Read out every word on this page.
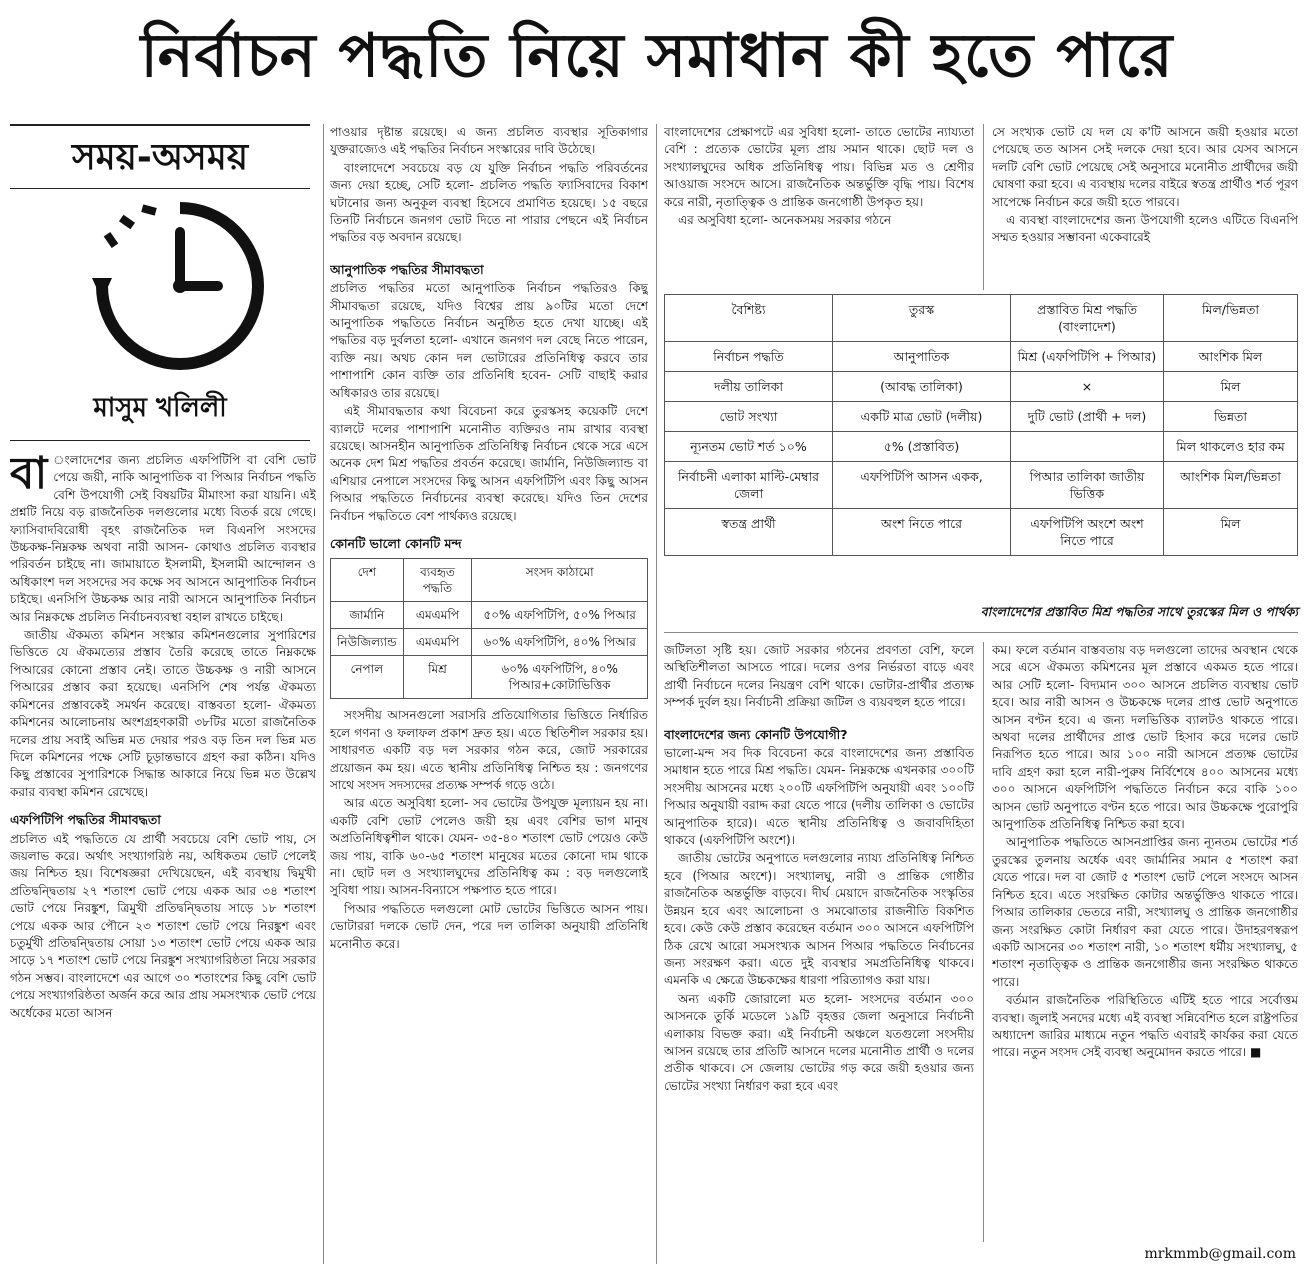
নির্বাচন পদ্ধতি নিয়ে সমাধান কী হতে পারে
সময়-অসময়
মাসুম খলিলী

বা ংলাদেশের জন্য প্রচলিত এফপিটিপি বা বেশি ভোট পেয়ে জয়ী, নাকি আনুপাতিক বা পিআর নির্বাচন পদ্ধতি বেশি উপযোগী সেই বিষয়টির মীমাংসা করা যায়নি। এই প্রশ্নটি নিয়ে বড় রাজনৈতিক দলগুলোর মধ্যে বিতর্ক রয়ে গেছে। ফ্যাসিবাদবিরোধী বৃহৎ রাজনৈতিক দল বিএনপি সংসদের উচ্চকক্ষ-নিম্নকক্ষ অথবা নারী আসন- কোথাও প্রচলিত ব্যবস্থার পরিবর্তন চাইছে না। জামায়াতে ইসলামী, ইসলামী আন্দোলন ও অধিকাংশ দল সংসদের সব কক্ষে সব আসনে আনুপাতিক নির্বাচন চাইছে। এনসিপি উচ্চকক্ষ আর নারী আসনে আনুপাতিক নির্বাচন আর নিম্নকক্ষে প্রচলিত নির্বাচনব্যবস্থা বহাল রাখতে চাইছে।

জাতীয় ঐকমত্য কমিশন সংস্কার কমিশনগুলোর সুপারিশের ভিত্তিতে যে ঐকমত্যের প্রস্তাব তৈরি করেছে তাতে নিম্নকক্ষে পিআরের কোনো প্রস্তাব নেই। তাতে উচ্চকক্ষ ও নারী আসনে পিআরের প্রস্তাব করা হয়েছে। এনসিপি শেষ পর্যন্ত ঐকমত্য কমিশনের প্রস্তাবকেই সমর্থন করেছে। বাস্তবতা হলো- ঐকমত্য কমিশনের আলোচনায় অংশগ্রহণকারী ৩৮টির মতো রাজনৈতিক দলের প্রায় সবাই অভিন্ন মত দেয়ার পরও বড় তিন দল ভিন্ন মত দিলে কমিশনের পক্ষে সেটি চূড়ান্তভাবে গ্রহণ করা কঠিন। যদিও কিছু প্রস্তাবের সুপারিশকে সিদ্ধান্ত আকারে নিয়ে ভিন্ন মত উল্লেখ করার ব্যবস্থা কমিশন রেখেছে।

এফপিটিপি পদ্ধতির সীমাবদ্ধতা

প্রচলিত এই পদ্ধতিতে যে প্রার্থী সবচেয়ে বেশি ভোট পায়, সে জয়লাভ করে। অর্থাৎ সংখ্যাগরিষ্ঠ নয়, অধিকতম ভোট পেলেই জয় নিশ্চিত হয়। বিশেষজ্ঞরা দেখিয়েছেন, এই ব্যবস্থায় দ্বিমুখী প্রতিদ্বন্দ্বিতায় ২৭ শতাংশ ভোট পেয়ে একক আর ৩৪ শতাংশ ভোট পেয়ে নিরঙ্কুশ, ত্রিমুখী প্রতিদ্বন্দ্বিতায় সাড়ে ১৮ শতাংশ পেয়ে একক আর পৌনে ২৩ শতাংশ ভোট পেয়ে নিরঙ্কুশ এবং চতুর্মুখী প্রতিদ্বন্দ্বিতায় সোয়া ১৩ শতাংশ ভোট পেয়ে একক আর সাড়ে ১৭ শতাংশ ভোট পেয়ে নিরঙ্কুশ সংখ্যাগরিষ্ঠতা নিয়ে সরকার গঠন সম্ভব। বাংলাদেশে এর আগে ৩০ শতাংশের কিছু বেশি ভোট পেয়ে সংখ্যাগরিষ্ঠতা অর্জন করে আর প্রায় সমসংখ্যক ভোট পেয়ে অর্ধেকের মতো আসন

পাওয়ার দৃষ্টান্ত রয়েছে। এ জন্য প্রচলিত ব্যবস্থার সূতিকাগার যুক্তরাজ্যেও এই পদ্ধতির নির্বাচন সংস্কারের দাবি উঠেছে।

বাংলাদেশে সবচেয়ে বড় যে যুক্তি নির্বাচন পদ্ধতি পরিবর্তনের জন্য দেয়া হচ্ছে, সেটি হলো- প্রচলিত পদ্ধতি ফ্যাসিবাদের বিকাশ ঘটানোর জন্য অনুকূল ব্যবস্থা হিসেবে প্রমাণিত হয়েছে। ১৫ বছরে তিনটি নির্বাচনে জনগণ ভোট দিতে না পারার পেছনে এই নির্বাচন পদ্ধতির বড় অবদান রয়েছে।

আনুপাতিক পদ্ধতির সীমাবদ্ধতা

প্রচলিত পদ্ধতির মতো আনুপাতিক নির্বাচন পদ্ধতিরও কিছু সীমাবদ্ধতা রয়েছে, যদিও বিশ্বের প্রায় ৯০টির মতো দেশে আনুপাতিক পদ্ধতিতে নির্বাচন অনুষ্ঠিত হতে দেখা যাচ্ছে। এই পদ্ধতির বড় দুর্বলতা হলো- এখানে জনগণ দল বেছে নিতে পারেন, ব্যক্তি নয়। অথচ কোন দল ভোটারের প্রতিনিধিত্ব করবে তার পাশাপাশি কোন ব্যক্তি তার প্রতিনিধি হবেন- সেটি বাছাই করার অধিকারও তার রয়েছে।

এই সীমাবদ্ধতার কথা বিবেচনা করে তুরস্কসহ কয়েকটি দেশে ব্যালটে দলের পাশাপাশি মনোনীত ব্যক্তিরও নাম রাখার ব্যবস্থা রয়েছে। আসনহীন আনুপাতিক প্রতিনিধিত্ব নির্বাচন থেকে সরে এসে অনেক দেশ মিশ্র পদ্ধতির প্রবর্তন করেছে। জার্মানি, নিউজিল্যান্ড বা এশিয়ার নেপালে সংসদের কিছু আসন এফপিটিপি এবং কিছু আসন পিআর পদ্ধতিতে নির্বাচনের ব্যবস্থা করেছে। যদিও তিন দেশের নির্বাচন পদ্ধতিতে বেশ পার্থক্যও রয়েছে।

কোনটি ভালো কোনটি মন্দ

দেশ	ব্যবহৃত পদ্ধতি	সংসদ কাঠামো
জার্মানি	এমএমপি	৫০% এফপিটিপি, ৫০% পিআর
নিউজিল্যান্ড	এমএমপি	৬০% এফপিটিপি, ৪০% পিআর
নেপাল	মিশ্র	৬০% এফপিটিপি, ৪০% পিআর+কোটাভিত্তিক

সংসদীয় আসনগুলো সরাসরি প্রতিযোগিতার ভিত্তিতে নির্ধারিত হলে গণনা ও ফলাফল প্রকাশ দ্রুত হয়। এতে স্থিতিশীল সরকার হয়। সাধারণত একটি বড় দল সরকার গঠন করে, জোট সরকারের প্রয়োজন কম হয়। এতে স্থানীয় প্রতিনিধিত্ব নিশ্চিত হয় : জনগণের সাথে সংসদ সদস্যদের প্রত্যক্ষ সম্পর্ক গড়ে ওঠে।

আর এতে অসুবিধা হলো- সব ভোটের উপযুক্ত মূল্যায়ন হয় না। একটি বেশি ভোট পেলেও জয়ী হয় এবং বেশির ভাগ মানুষ অপ্রতিনিধিত্বশীল থাকে। যেমন- ৩৫-৪০ শতাংশ ভোট পেয়েও কেউ জয় পায়, বাকি ৬০-৬৫ শতাংশ মানুষের মতের কোনো দাম থাকে না। ছোট দল ও সংখ্যালঘুদের প্রতিনিধিত্ব কম : বড় দলগুলোই সুবিধা পায়। আসন-বিন্যাসে পক্ষপাত হতে পারে।

পিআর পদ্ধতিতে দলগুলো মোট ভোটের ভিত্তিতে আসন পায়। ভোটাররা দলকে ভোট দেন, পরে দল তালিকা অনুযায়ী প্রতিনিধি মনোনীত করে।

বাংলাদেশের প্রেক্ষাপটে এর সুবিধা হলো- তাতে ভোটের ন্যায্যতা বেশি : প্রত্যেক ভোটের মূল্য প্রায় সমান থাকে। ছোট দল ও সংখ্যালঘুদের অধিক প্রতিনিধিত্ব পায়। বিভিন্ন মত ও শ্রেণীর আওয়াজ সংসদে আসে। রাজনৈতিক অন্তর্ভুক্তি বৃদ্ধি পায়। বিশেষ করে নারী, নৃতাত্ত্বিক ও প্রান্তিক জনগোষ্ঠী উপকৃত হয়।

এর অসুবিধা হলো- অনেকসময় সরকার গঠনে

সে সংখ্যক ভোট যে দল যে ক'টি আসনে জয়ী হওয়ার মতো পেয়েছে তত আসন সেই দলকে দেয়া হবে। আর যেসব আসনে দলটি বেশি ভোট পেয়েছে সেই অনুসারে মনোনীত প্রার্থীদের জয়ী ঘোষণা করা হবে। এ ব্যবস্থায় দলের বাইরে স্বতন্ত্র প্রার্থীও শর্ত পূরণ সাপেক্ষে নির্বাচন করে জয়ী হতে পারবে।

এ ব্যবস্থা বাংলাদেশের জন্য উপযোগী হলেও এটিতে বিএনপি সম্মত হওয়ার সম্ভাবনা একেবারেই

বৈশিষ্ট্য	তুরস্ক	প্রস্তাবিত মিশ্র পদ্ধতি (বাংলাদেশ)	মিল/ভিন্নতা
নির্বাচন পদ্ধতি	আনুপাতিক	মিশ্র (এফপিটিপি + পিআর)	আংশিক মিল
দলীয় তালিকা	(আবদ্ধ তালিকা)	×	মিল
ভোট সংখ্যা	একটি মাত্র ভোট (দলীয়)	দুটি ভোট (প্রার্থী + দল)	ভিন্নতা
ন্যূনতম ভোট শর্ত ১০%	৫% (প্রস্তাবিত)		মিল থাকলেও হার কম
নির্বাচনী এলাকা মাল্টি-মেম্বার জেলা	এফপিটিপি আসন একক,	পিআর তালিকা জাতীয় ভিত্তিক	আংশিক মিল/ভিন্নতা
স্বতন্ত্র প্রার্থী	অংশ নিতে পারে	এফপিটিপি অংশে অংশ নিতে পারে	মিল
বাংলাদেশের প্রস্তাবিত মিশ্র পদ্ধতির সাথে তুরস্কের মিল ও পার্থক্য

জটিলতা সৃষ্টি হয়। জোট সরকার গঠনের প্রবণতা বেশি, ফলে অস্থিতিশীলতা আসতে পারে। দলের ওপর নির্ভরতা বাড়ে এবং প্রার্থী নির্বাচনে দলের নিয়ন্ত্রণ বেশি থাকে। ভোটার-প্রার্থীর প্রত্যক্ষ সম্পর্ক দুর্বল হয়। নির্বাচনী প্রক্রিয়া জটিল ও ব্যয়বহুল হতে পারে।

বাংলাদেশের জন্য কোনটি উপযোগী?

ভালো-মন্দ সব দিক বিবেচনা করে বাংলাদেশের জন্য প্রস্তাবিত সমাধান হতে পারে মিশ্র পদ্ধতি। যেমন- নিম্নকক্ষে এখনকার ৩০০টি সংসদীয় আসনের মধ্যে ২০০টি এফপিটিপি অনুযায়ী এবং ১০০টি পিআর অনুযায়ী বরাদ্দ করা যেতে পারে (দলীয় তালিকা ও ভোটের আনুপাতিক হারে)। এতে স্থানীয় প্রতিনিধিত্ব ও জবাবদিহিতা থাকবে (এফপিটিপি অংশে)।

জাতীয় ভোটের অনুপাতে দলগুলোর ন্যায্য প্রতিনিধিত্ব নিশ্চিত হবে (পিআর অংশে)। সংখ্যালঘু, নারী ও প্রান্তিক গোষ্ঠীর রাজনৈতিক অন্তর্ভুক্তি বাড়বে। দীর্ঘ মেয়াদে রাজনৈতিক সংস্কৃতির উন্নয়ন হবে এবং আলোচনা ও সমঝোতার রাজনীতি বিকশিত হবে। কেউ কেউ প্রস্তাব করেছেন বর্তমান ৩০০ আসনে এফপিটিপি ঠিক রেখে আরো সমসংখ্যক আসন পিআর পদ্ধতিতে নির্বাচনের জন্য সংরক্ষণ করা। এতে দুই ব্যবস্থার সমপ্রতিনিধিত্ব থাকবে। এমনকি এ ক্ষেত্রে উচ্চকক্ষের ধারণা পরিত্যাগও করা যায়।

অন্য একটি জোরালো মত হলো- সংসদের বর্তমান ৩০০ আসনকে তুর্কি মডেলে ১৯টি বৃহত্তর জেলা অনুসারে নির্বাচনী এলাকায় বিভক্ত করা। এই নির্বাচনী অঞ্চলে যতগুলো সংসদীয় আসন রয়েছে তার প্রতিটি আসনে দলের মনোনীত প্রার্থী ও দলের প্রতীক থাকবে। সে জেলায় ভোটের গড় করে জয়ী হওয়ার জন্য ভোটের সংখ্যা নির্ধারণ করা হবে এবং

কম। ফলে বর্তমান বাস্তবতায় বড় দলগুলো তাদের অবস্থান থেকে সরে এসে ঐকমত্য কমিশনের মূল প্রস্তাবে একমত হতে পারে। আর সেটি হলো- বিদ্যমান ৩০০ আসনে প্রচলিত ব্যবস্থায় ভোট হবে। আর নারী আসন ও উচ্চকক্ষে দলের প্রাপ্ত ভোট অনুপাতে আসন বণ্টন হবে। এ জন্য দলভিত্তিক ব্যালটও থাকতে পারে। অথবা দলের প্রার্থীদের প্রাপ্ত ভোট হিসাব করে দলের ভোট নিরূপিত হতে পারে। আর ১০০ নারী আসনে প্রত্যক্ষ ভোটের দাবি গ্রহণ করা হলে নারী-পুরুষ নির্বিশেষে ৪০০ আসনের মধ্যে ৩০০ আসনে এফপিটিপি পদ্ধতিতে নির্বাচন করে বাকি ১০০ আসন ভোট অনুপাতে বণ্টন হতে পারে। আর উচ্চকক্ষে পুরোপুরি আনুপাতিক প্রতিনিধিত্ব নিশ্চিত করা হবে।

আনুপাতিক পদ্ধতিতে আসনপ্রাপ্তির জন্য ন্যূনতম ভোটের শর্ত তুরস্কের তুলনায় অর্ধেক এবং জার্মানির সমান ৫ শতাংশ করা যেতে পারে। দল বা জোট ৫ শতাংশ ভোট পেলে সংসদে আসন নিশ্চিত হবে। এতে সংরক্ষিত কোটার অন্তর্ভুক্তিও থাকতে পারে। পিআর তালিকার ভেতরে নারী, সংখ্যালঘু ও প্রান্তিক জনগোষ্ঠীর জন্য সংরক্ষিত কোটা নির্ধারণ করা যেতে পারে। উদাহরণস্বরূপ একটি আসনের ৩০ শতাংশ নারী, ১০ শতাংশ ধর্মীয় সংখ্যালঘু, ৫ শতাংশ নৃতাত্ত্বিক ও প্রান্তিক জনগোষ্ঠীর জন্য সংরক্ষিত থাকতে পারে।

বর্তমান রাজনৈতিক পরিস্থিতিতে এটিই হতে পারে সর্বোত্তম ব্যবস্থা। জুলাই সনদের মধ্যে এই ব্যবস্থা সন্নিবেশিত হলে রাষ্ট্রপতির অধ্যাদেশ জারির মাধ্যমে নতুন পদ্ধতি এবারই কার্যকর করা যেতে পারে। নতুন সংসদ সেই ব্যবস্থা অনুমোদন করতে পারে। ■

mrkmmb@gmail.com
